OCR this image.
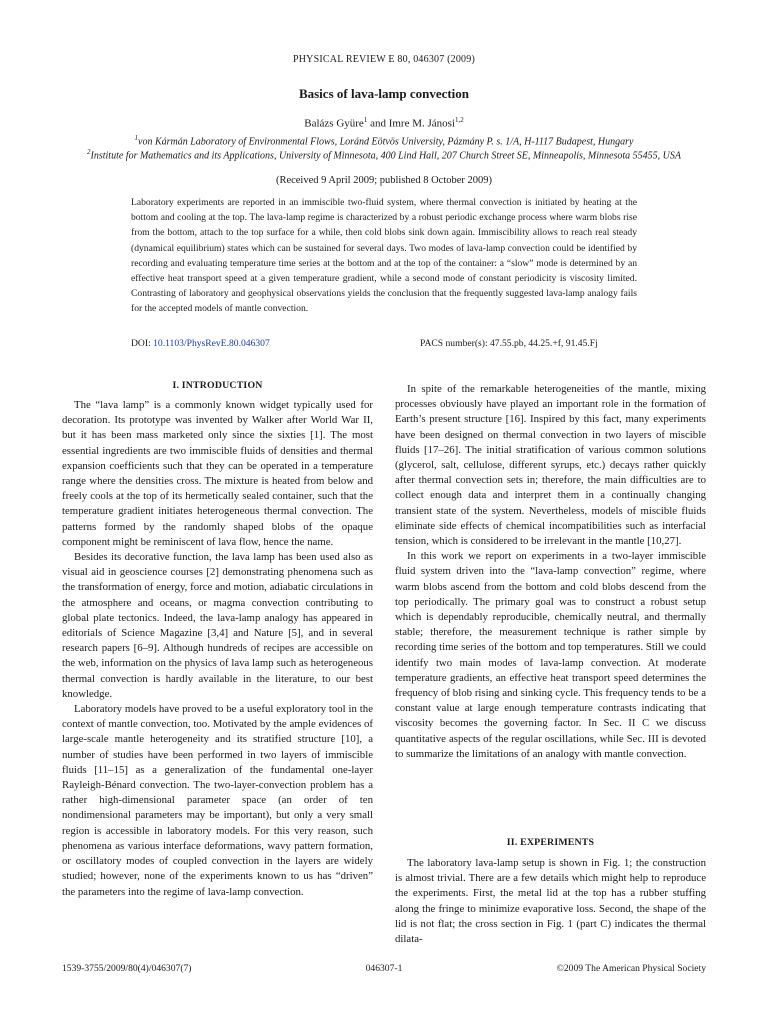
PHYSICAL REVIEW E 80, 046307 (2009)
Basics of lava-lamp convection
Balázs Gyüre$^1$ and Imre M. Jánosi$^{1,2}$
$^1$von Kármán Laboratory of Environmental Flows, Loránd Eötvös University, Pázmány P. s. 1/A, H-1117 Budapest, Hungary
$^2$Institute for Mathematics and its Applications, University of Minnesota, 400 Lind Hall, 207 Church Street SE, Minneapolis, Minnesota 55455, USA
(Received 9 April 2009; published 8 October 2009)
Laboratory experiments are reported in an immiscible two-fluid system, where thermal convection is initiated by heating at the bottom and cooling at the top. The lava-lamp regime is characterized by a robust periodic exchange process where warm blobs rise from the bottom, attach to the top surface for a while, then cold blobs sink down again. Immiscibility allows to reach real steady (dynamical equilibrium) states which can be sustained for several days. Two modes of lava-lamp convection could be identified by recording and evaluating temperature time series at the bottom and at the top of the container: a “slow” mode is determined by an effective heat transport speed at a given temperature gradient, while a second mode of constant periodicity is viscosity limited. Contrasting of laboratory and geophysical observations yields the conclusion that the frequently suggested lava-lamp analogy fails for the accepted models of mantle convection.
DOI: 10.1103/PhysRevE.80.046307	PACS number(s): 47.55.pb, 44.25.+f, 91.45.Fj
I. INTRODUCTION

The “lava lamp” is a commonly known widget typically used for decoration. Its prototype was invented by Walker after World War II, but it has been mass marketed only since the sixties [1]. The most essential ingredients are two immiscible fluids of densities and thermal expansion coefficients such that they can be operated in a temperature range where the densities cross. The mixture is heated from below and freely cools at the top of its hermetically sealed container, such that the temperature gradient initiates heterogeneous thermal convection. The patterns formed by the randomly shaped blobs of the opaque component might be reminiscent of lava flow, hence the name.

Besides its decorative function, the lava lamp has been used also as visual aid in geoscience courses [2] demonstrating phenomena such as the transformation of energy, force and motion, adiabatic circulations in the atmosphere and oceans, or magma convection contributing to global plate tectonics. Indeed, the lava-lamp analogy has appeared in editorials of Science Magazine [3,4] and Nature [5], and in several research papers [6–9]. Although hundreds of recipes are accessible on the web, information on the physics of lava lamp such as heterogeneous thermal convection is hardly available in the literature, to our best knowledge.

Laboratory models have proved to be a useful exploratory tool in the context of mantle convection, too. Motivated by the ample evidences of large-scale mantle heterogeneity and its stratified structure [10], a number of studies have been performed in two layers of immiscible fluids [11–15] as a generalization of the fundamental one-layer Rayleigh-Bénard convection. The two-layer-convection problem has a rather high-dimensional parameter space (an order of ten nondimensional parameters may be important), but only a very small region is accessible in laboratory models. For this very reason, such phenomena as various interface deformations, wavy pattern formation, or oscillatory modes of coupled convection in the layers are widely studied; however, none of the experiments known to us has “driven” the parameters into the regime of lava-lamp convection.

In spite of the remarkable heterogeneities of the mantle, mixing processes obviously have played an important role in the formation of Earth’s present structure [16]. Inspired by this fact, many experiments have been designed on thermal convection in two layers of miscible fluids [17–26]. The initial stratification of various common solutions (glycerol, salt, cellulose, different syrups, etc.) decays rather quickly after thermal convection sets in; therefore, the main difficulties are to collect enough data and interpret them in a continually changing transient state of the system. Nevertheless, models of miscible fluids eliminate side effects of chemical incompatibilities such as interfacial tension, which is considered to be irrelevant in the mantle [10,27].

In this work we report on experiments in a two-layer immiscible fluid system driven into the “lava-lamp convection” regime, where warm blobs ascend from the bottom and cold blobs descend from the top periodically. The primary goal was to construct a robust setup which is dependably reproducible, chemically neutral, and thermally stable; therefore, the measurement technique is rather simple by recording time series of the bottom and top temperatures. Still we could identify two main modes of lava-lamp convection. At moderate temperature gradients, an effective heat transport speed determines the frequency of blob rising and sinking cycle. This frequency tends to be a constant value at large enough temperature contrasts indicating that viscosity becomes the governing factor. In Sec. II C we discuss quantitative aspects of the regular oscillations, while Sec. III is devoted to summarize the limitations of an analogy with mantle convection.

II. EXPERIMENTS

The laboratory lava-lamp setup is shown in Fig. 1; the construction is almost trivial. There are a few details which might help to reproduce the experiments. First, the metal lid at the top has a rubber stuffing along the fringe to minimize evaporative loss. Second, the shape of the lid is not flat; the cross section in Fig. 1 (part C) indicates the thermal dilata-

1539-3755/2009/80(4)/046307(7)	046307-1	©2009 The American Physical Society
